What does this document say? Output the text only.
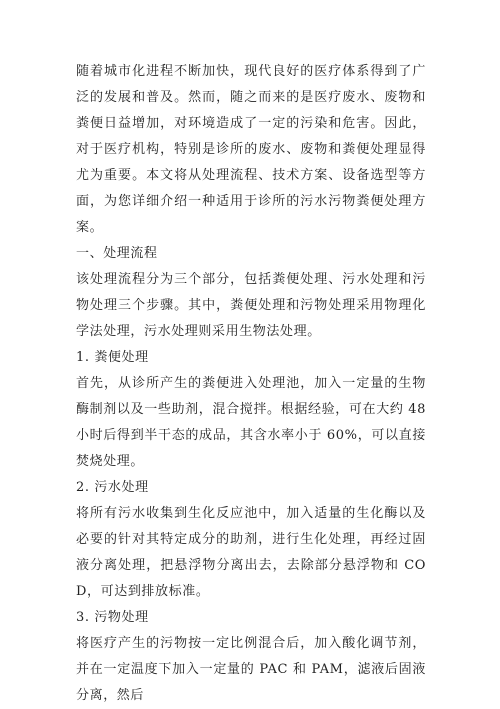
随着城市化进程不断加快，现代良好的医疗体系得到了广泛的发展和普及。然而，随之而来的是医疗废水、废物和粪便日益增加，对环境造成了一定的污染和危害。因此，对于医疗机构，特别是诊所的废水、废物和粪便处理显得尤为重要。本文将从处理流程、技术方案、设备选型等方面，为您详细介绍一种适用于诊所的污水污物粪便处理方案。

一、处理流程

该处理流程分为三个部分，包括粪便处理、污水处理和污物处理三个步骤。其中，粪便处理和污物处理采用物理化学法处理，污水处理则采用生物法处理。

1. 粪便处理

首先，从诊所产生的粪便进入处理池，加入一定量的生物酶制剂以及一些助剂，混合搅拌。根据经验，可在大约 48 小时后得到半干态的成品，其含水率小于 60%，可以直接焚烧处理。

2. 污水处理

将所有污水收集到生化反应池中，加入适量的生化酶以及必要的针对其特定成分的助剂，进行生化处理，再经过固液分离处理，把悬浮物分离出去，去除部分悬浮物和 COD，可达到排放标准。

3. 污物处理

将医疗产生的污物按一定比例混合后，加入酸化调节剂，并在一定温度下加入一定量的 PAC 和 PAM，滤液后固液分离，然后
